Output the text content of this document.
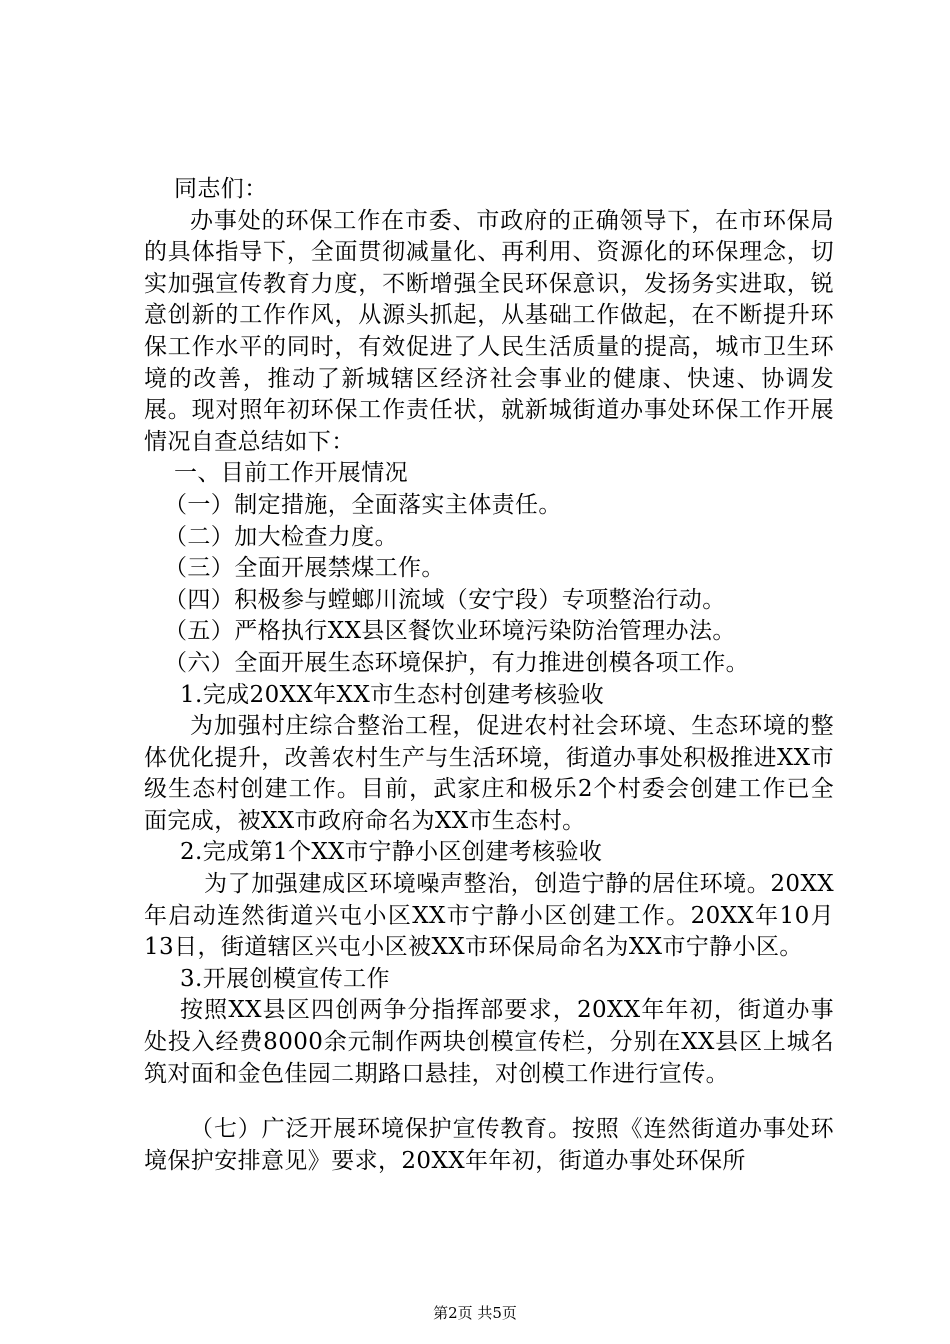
同志们：

办事处的环保工作在市委、市政府的正确领导下，在市环保局的具体指导下，全面贯彻减量化、再利用、资源化的环保理念，切实加强宣传教育力度，不断增强全民环保意识，发扬务实进取，锐意创新的工作作风，从源头抓起，从基础工作做起，在不断提升环保工作水平的同时，有效促进了人民生活质量的提高，城市卫生环境的改善，推动了新城辖区经济社会事业的健康、快速、协调发展。现对照年初环保工作责任状，就新城街道办事处环保工作开展情况自查总结如下：

一、目前工作开展情况

（一）制定措施，全面落实主体责任。

（二）加大检查力度。

（三）全面开展禁煤工作。

（四）积极参与螳螂川流域（安宁段）专项整治行动。

（五）严格执行XX县区餐饮业环境污染防治管理办法。

（六）全面开展生态环境保护，有力推进创模各项工作。

1.完成20XX年XX市生态村创建考核验收

为加强村庄综合整治工程，促进农村社会环境、生态环境的整体优化提升，改善农村生产与生活环境，街道办事处积极推进XX市级生态村创建工作。目前，武家庄和极乐2个村委会创建工作已全面完成，被XX市政府命名为XX市生态村。

2.完成第1个XX市宁静小区创建考核验收

为了加强建成区环境噪声整治，创造宁静的居住环境。20XX年启动连然街道兴屯小区XX市宁静小区创建工作。20XX年10月13日，街道辖区兴屯小区被XX市环保局命名为XX市宁静小区。

3.开展创模宣传工作

按照XX县区四创两争分指挥部要求，20XX年年初，街道办事处投入经费8000余元制作两块创模宣传栏，分别在XX县区上城名筑对面和金色佳园二期路口悬挂，对创模工作进行宣传。

（七）广泛开展环境保护宣传教育。按照《连然街道办事处环境保护安排意见》要求，20XX年年初，街道办事处环保所

第2页 共5页
